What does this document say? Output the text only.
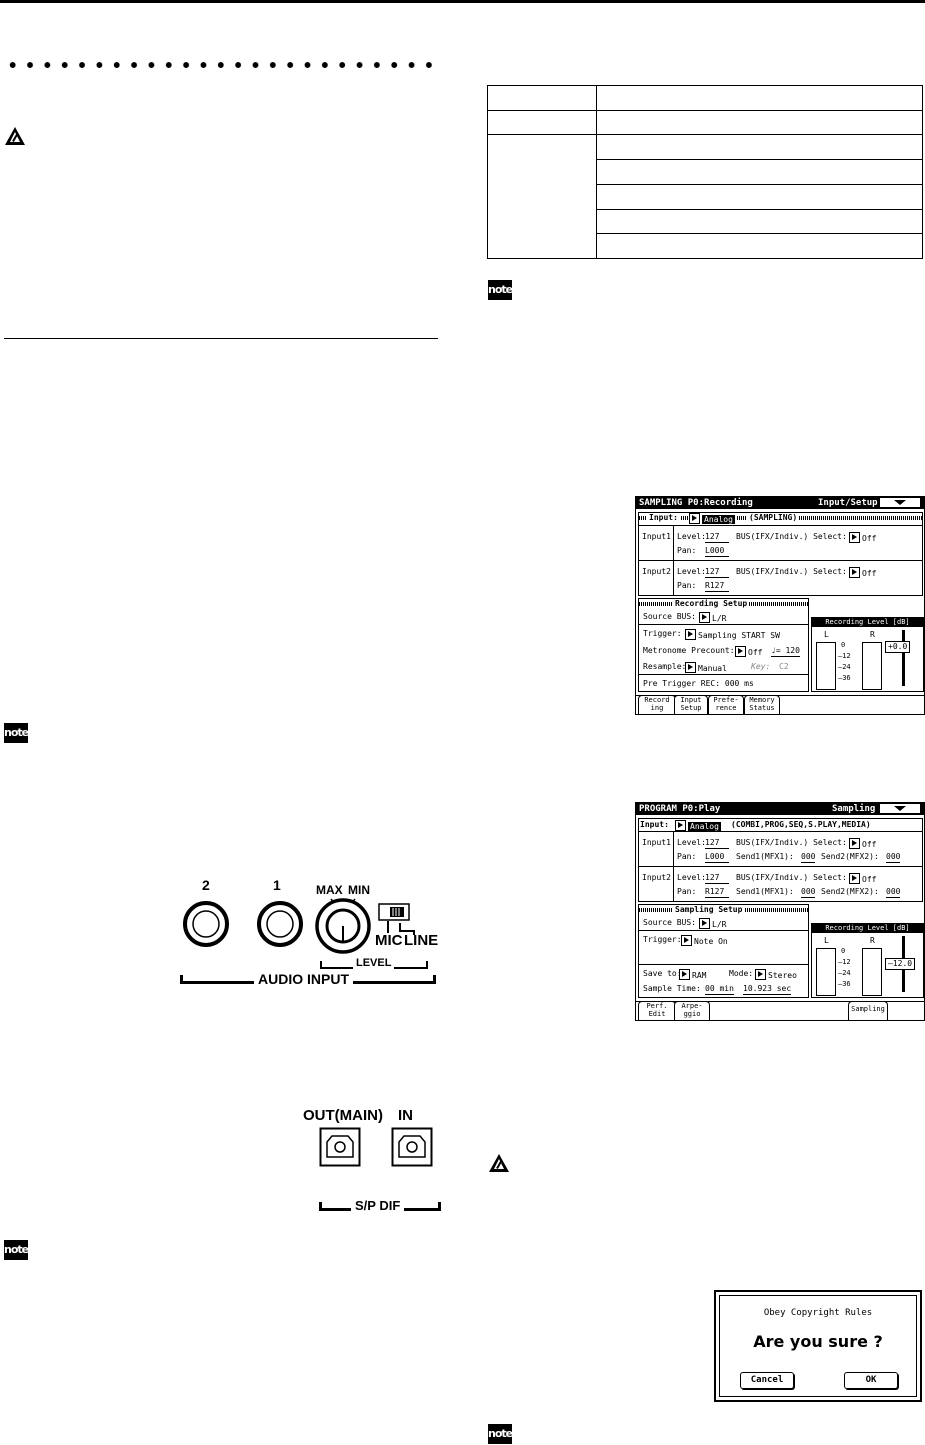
note
note
note
note
SAMPLING P0:Recording	Input/Setup
Input:	Analog	(SAMPLING)
Input1 Level: 127	BUS(IFX/Indiv.) Select:	Off
Pan: L000
Input2 Level: 127	BUS(IFX/Indiv.) Select:	Off
Pan: R127
Recording Setup
Source BUS:	L/R
Trigger:	Sampling START SW
Metronome Precount:	Off ♩= 120
Resample:	Manual	Key: C2
Pre Trigger REC: 000 ms
Recording Level [dB]
L	R
0
–12
–24
–36
+0.0
Record
ing
Input
Setup
Prefe-
rence
Memory
Status
PROGRAM P0:Play	Sampling
Input:	Analog (COMBI,PROG,SEQ,S.PLAY,MEDIA)
Input1 Level: 127	BUS(IFX/Indiv.) Select:	Off
Pan: L000	Send1(MFX1): 000 Send2(MFX2): 000
Input2 Level: 127	BUS(IFX/Indiv.) Select:	Off
Pan: R127	Send1(MFX1): 000 Send2(MFX2): 000
Sampling Setup
Source BUS:	L/R
Trigger:	Note On
Save to:	RAM	Mode:	Stereo
Sample Time: 00 min 10.923 sec
Recording Level [dB]
L	R
0
–12
–24
–36
–12.0
Perf.
Edit
Arpe-
ggio
Sampling
2	1	MAX MIN
MIC LINE
LEVEL
AUDIO INPUT
OUT(MAIN) IN
S/P DIF
Obey Copyright Rules
Are you sure ?
Cancel	OK
